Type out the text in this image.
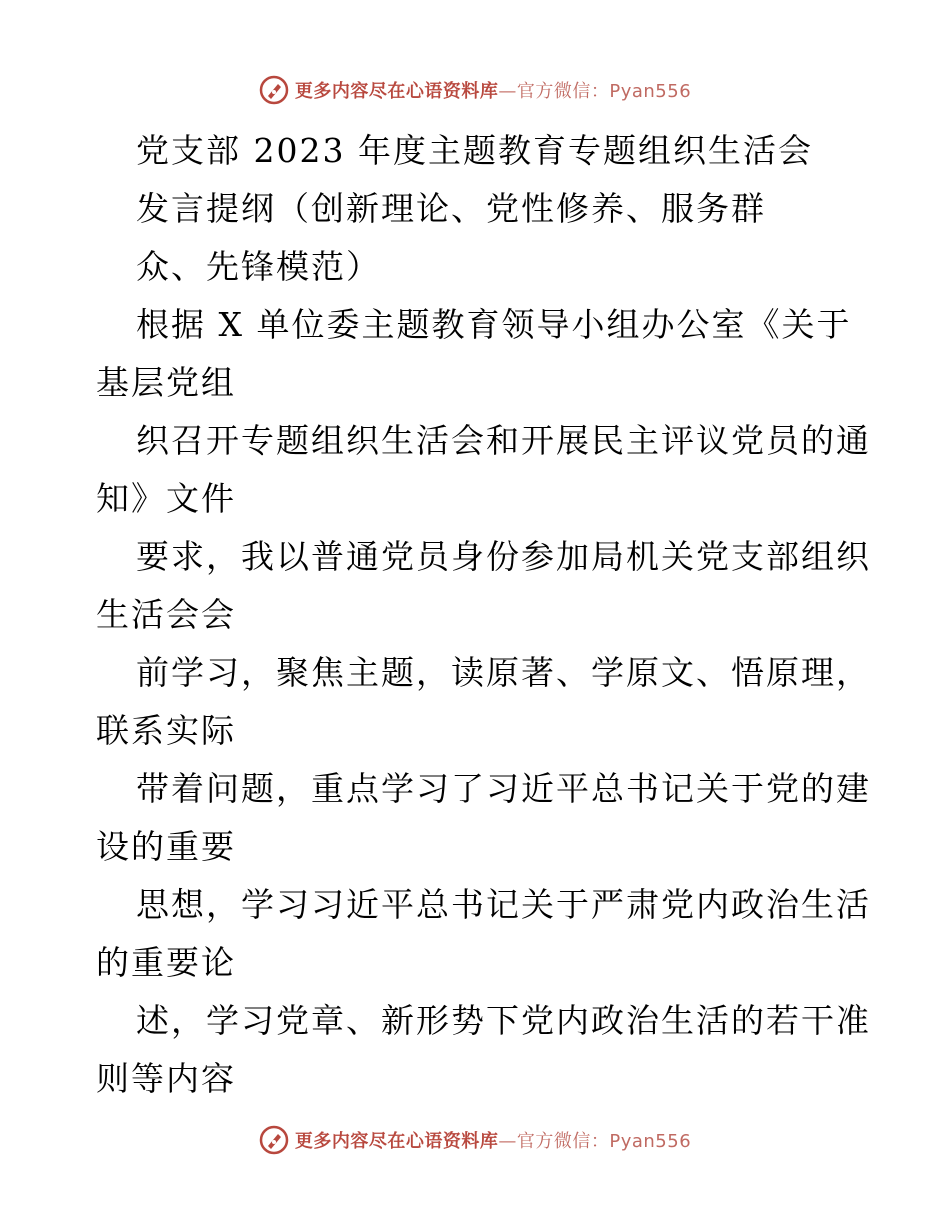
更多内容尽在心语资料库—官方微信：Pyan556
党支部 2023 年度主题教育专题组织生活会
发言提纲（创新理论、党性修养、服务群
众、先锋模范）
根据 X 单位委主题教育领导小组办公室《关于
基层党组
织召开专题组织生活会和开展民主评议党员的通
知》文件
要求，我以普通党员身份参加局机关党支部组织
生活会会
前学习，聚焦主题，读原著、学原文、悟原理，
联系实际
带着问题，重点学习了习近平总书记关于党的建
设的重要
思想，学习习近平总书记关于严肃党内政治生活
的重要论
述，学习党章、新形势下党内政治生活的若干准
则等内容
更多内容尽在心语资料库—官方微信：Pyan556
